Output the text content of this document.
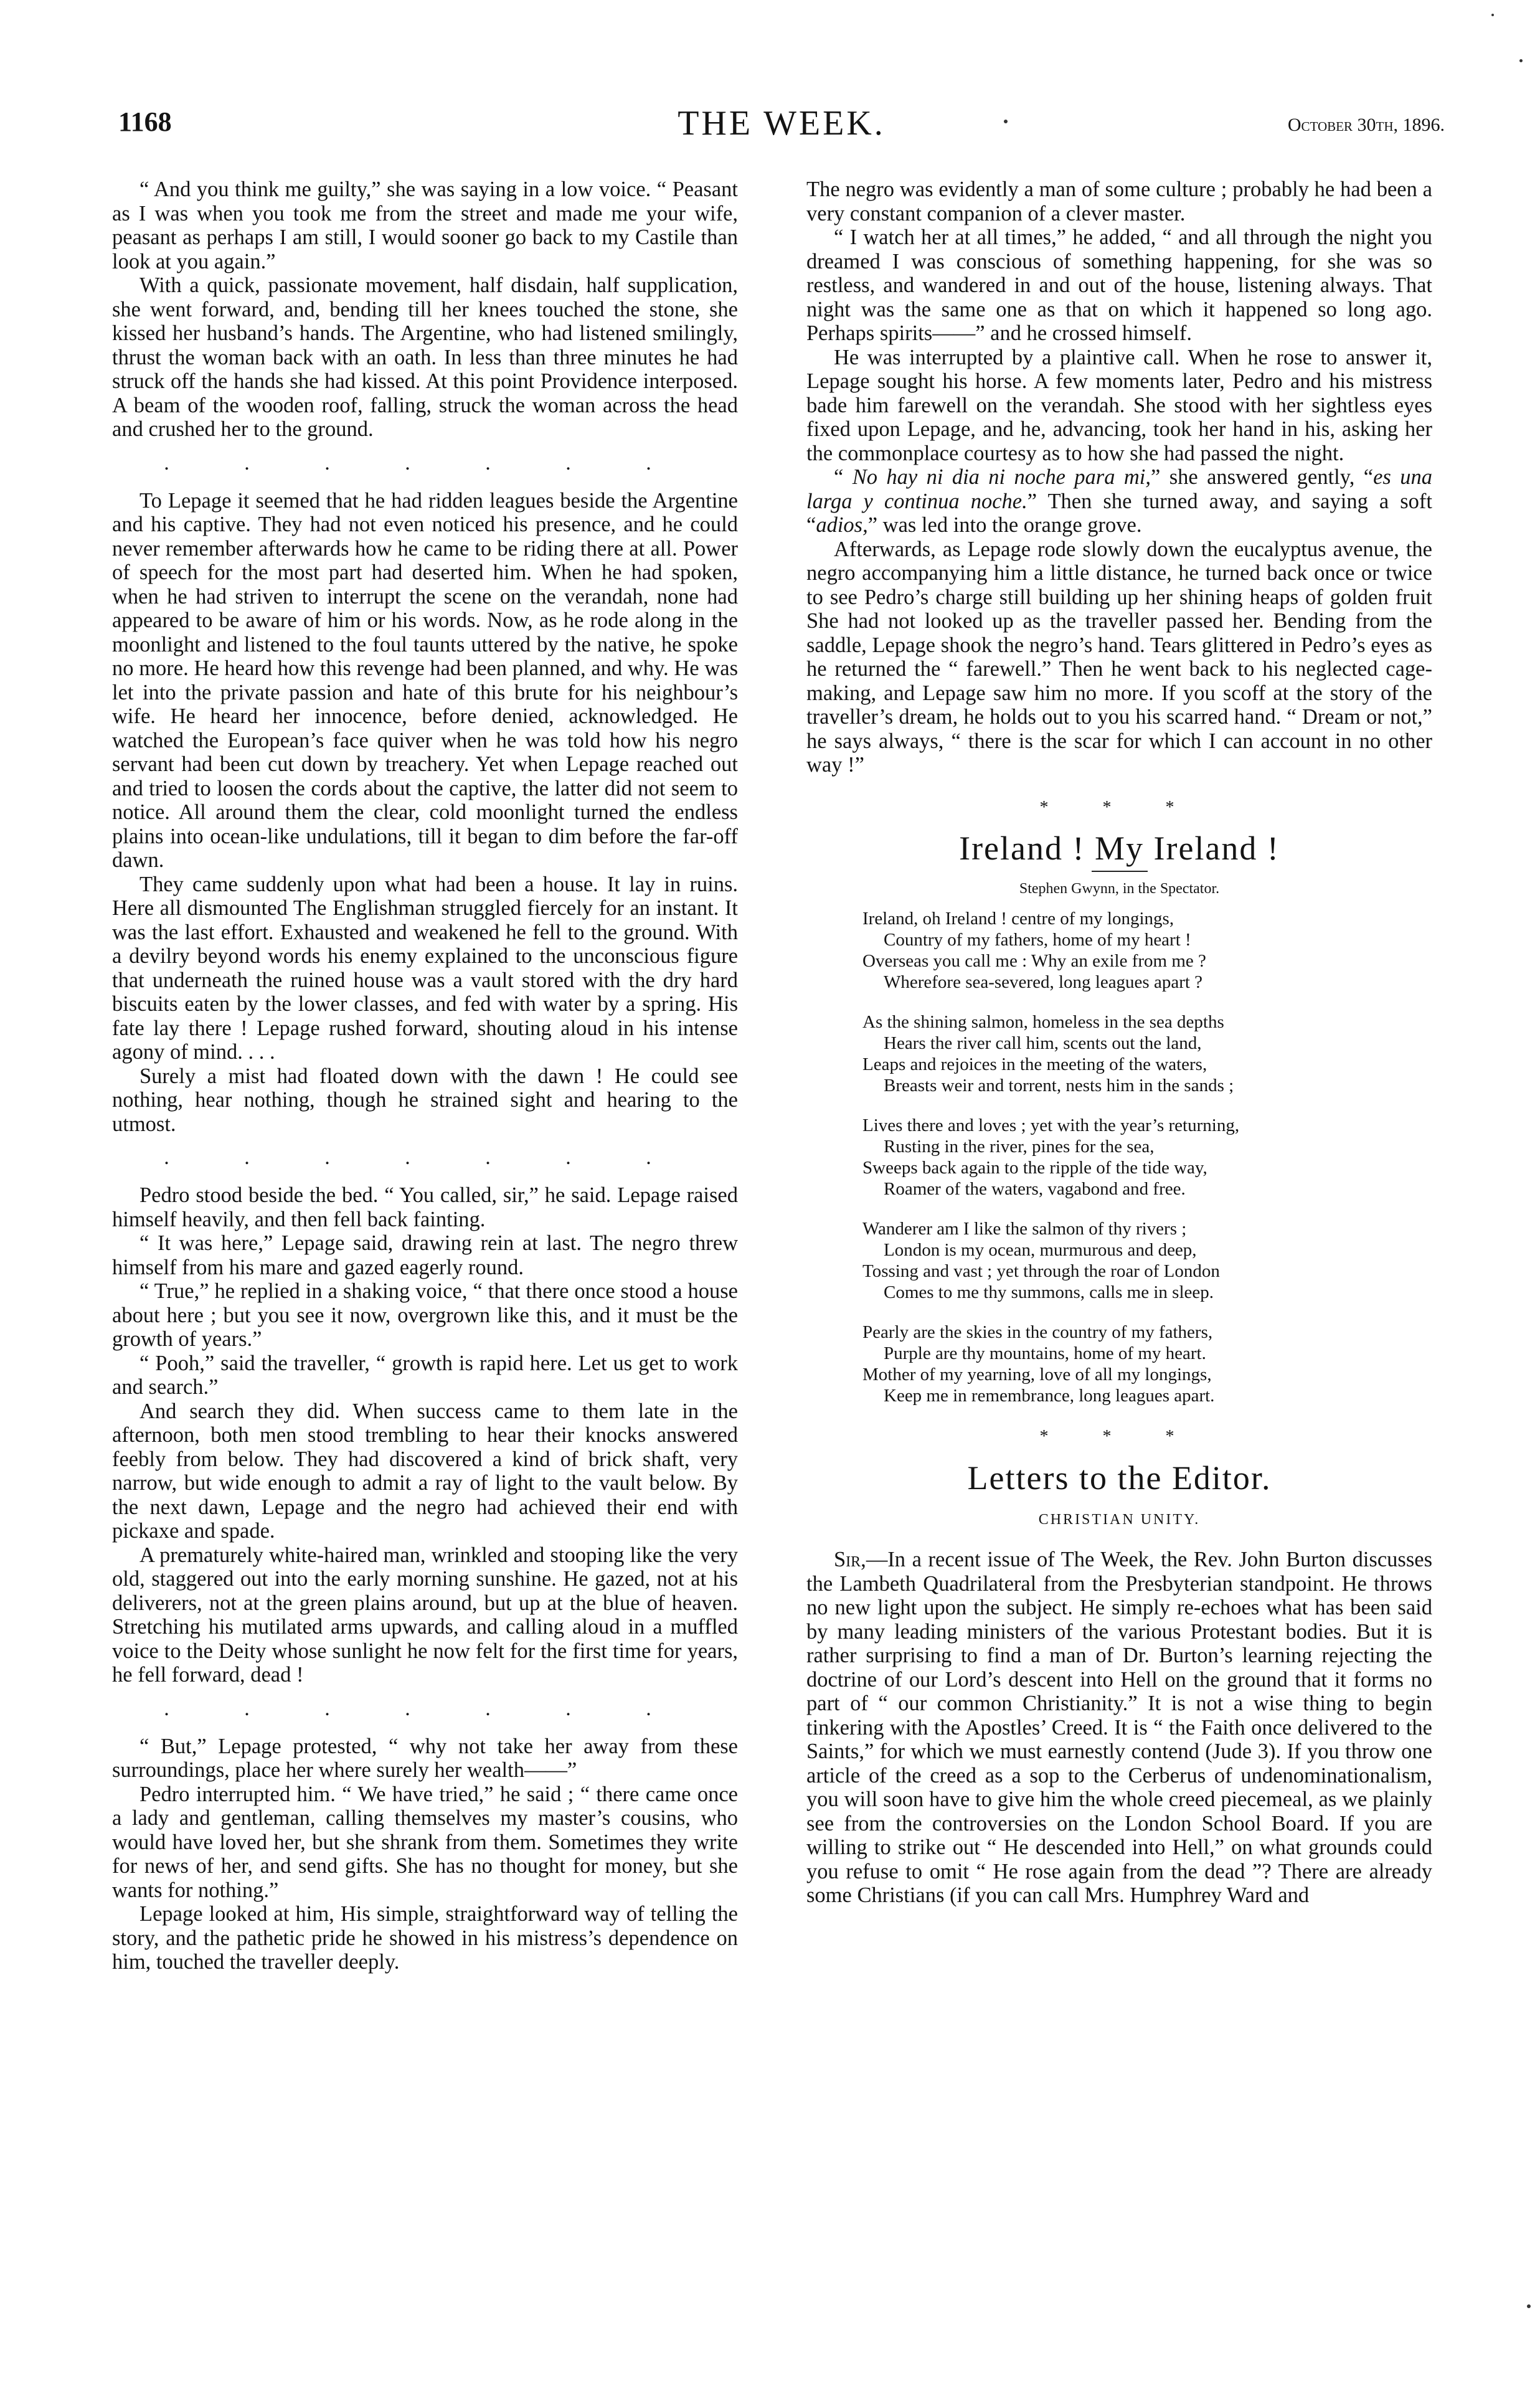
1168	THE WEEK.	October 30th, 1896.

“ And you think me guilty,” she was saying in a low voice. “ Peasant as I was when you took me from the street and made me your wife, peasant as perhaps I am still, I would sooner go back to my Castile than look at you again.”

With a quick, passionate movement, half disdain, half supplication, she went forward, and, bending till her knees touched the stone, she kissed her husband’s hands. The Argentine, who had listened smilingly, thrust the woman back with an oath. In less than three minutes he had struck off the hands she had kissed. At this point Providence interposed. A beam of the wooden roof, falling, struck the woman across the head and crushed her to the ground.

. . . . . . .

To Lepage it seemed that he had ridden leagues beside the Argentine and his captive. They had not even noticed his presence, and he could never remember afterwards how he came to be riding there at all. Power of speech for the most part had deserted him. When he had spoken, when he had striven to interrupt the scene on the verandah, none had appeared to be aware of him or his words. Now, as he rode along in the moonlight and listened to the foul taunts uttered by the native, he spoke no more. He heard how this revenge had been planned, and why. He was let into the private passion and hate of this brute for his neighbour’s wife. He heard her innocence, before denied, acknowledged. He watched the European’s face quiver when he was told how his negro servant had been cut down by treachery. Yet when Lepage reached out and tried to loosen the cords about the captive, the latter did not seem to notice. All around them the clear, cold moonlight turned the endless plains into ocean-like undulations, till it began to dim before the far-off dawn.

They came suddenly upon what had been a house. It lay in ruins. Here all dismounted The Englishman struggled fiercely for an instant. It was the last effort. Exhausted and weakened he fell to the ground. With a devilry beyond words his enemy explained to the unconscious figure that underneath the ruined house was a vault stored with the dry hard biscuits eaten by the lower classes, and fed with water by a spring. His fate lay there ! Lepage rushed forward, shouting aloud in his intense agony of mind. . . .

Surely a mist had floated down with the dawn ! He could see nothing, hear nothing, though he strained sight and hearing to the utmost.

. . . . . . .

Pedro stood beside the bed. “ You called, sir,” he said. Lepage raised himself heavily, and then fell back fainting.

“ It was here,” Lepage said, drawing rein at last. The negro threw himself from his mare and gazed eagerly round.

“ True,” he replied in a shaking voice, “ that there once stood a house about here ; but you see it now, overgrown like this, and it must be the growth of years.”

“ Pooh,” said the traveller, “ growth is rapid here. Let us get to work and search.”

And search they did. When success came to them late in the afternoon, both men stood trembling to hear their knocks answered feebly from below. They had discovered a kind of brick shaft, very narrow, but wide enough to admit a ray of light to the vault below. By the next dawn, Lepage and the negro had achieved their end with pickaxe and spade.

A prematurely white-haired man, wrinkled and stooping like the very old, staggered out into the early morning sunshine. He gazed, not at his deliverers, not at the green plains around, but up at the blue of heaven. Stretching his mutilated arms upwards, and calling aloud in a muffled voice to the Deity whose sunlight he now felt for the first time for years, he fell forward, dead !

. . . . . . .

“ But,” Lepage protested, “ why not take her away from these surroundings, place her where surely her wealth——”

Pedro interrupted him. “ We have tried,” he said ; “ there came once a lady and gentleman, calling themselves my master’s cousins, who would have loved her, but she shrank from them. Sometimes they write for news of her, and send gifts. She has no thought for money, but she wants for nothing.”

Lepage looked at him, His simple, straightforward way of telling the story, and the pathetic pride he showed in his mistress’s dependence on him, touched the traveller deeply.

The negro was evidently a man of some culture ; probably he had been a very constant companion of a clever master.

“ I watch her at all times,” he added, “ and all through the night you dreamed I was conscious of something happening, for she was so restless, and wandered in and out of the house, listening always. That night was the same one as that on which it happened so long ago. Perhaps spirits——” and he crossed himself.

He was interrupted by a plaintive call. When he rose to answer it, Lepage sought his horse. A few moments later, Pedro and his mistress bade him farewell on the verandah. She stood with her sightless eyes fixed upon Lepage, and he, advancing, took her hand in his, asking her the commonplace courtesy as to how she had passed the night.

“ No hay ni dia ni noche para mi,” she answered gently, “es una larga y continua noche.” Then she turned away, and saying a soft “adios,” was led into the orange grove.

Afterwards, as Lepage rode slowly down the eucalyptus avenue, the negro accompanying him a little distance, he turned back once or twice to see Pedro’s charge still building up her shining heaps of golden fruit She had not looked up as the traveller passed her. Bending from the saddle, Lepage shook the negro’s hand. Tears glittered in Pedro’s eyes as he returned the “ farewell.” Then he went back to his neglected cage-making, and Lepage saw him no more. If you scoff at the story of the traveller’s dream, he holds out to you his scarred hand. “ Dream or not,” he says always, “ there is the scar for which I can account in no other way !”

* * *
Ireland ! My Ireland !
Stephen Gwynn, in the Spectator.
Ireland, oh Ireland ! centre of my longings,
Country of my fathers, home of my heart !
Overseas you call me : Why an exile from me ?
Wherefore sea-severed, long leagues apart ?
As the shining salmon, homeless in the sea depths
Hears the river call him, scents out the land,
Leaps and rejoices in the meeting of the waters,
Breasts weir and torrent, nests him in the sands ;
Lives there and loves ; yet with the year’s returning,
Rusting in the river, pines for the sea,
Sweeps back again to the ripple of the tide way,
Roamer of the waters, vagabond and free.
Wanderer am I like the salmon of thy rivers ;
London is my ocean, murmurous and deep,
Tossing and vast ; yet through the roar of London
Comes to me thy summons, calls me in sleep.
Pearly are the skies in the country of my fathers,
Purple are thy mountains, home of my heart.
Mother of my yearning, love of all my longings,
Keep me in remembrance, long leagues apart.
* * *
Letters to the Editor.
CHRISTIAN UNITY.

Sir,—In a recent issue of The Week, the Rev. John Burton discusses the Lambeth Quadrilateral from the Presbyterian standpoint. He throws no new light upon the subject. He simply re-echoes what has been said by many leading ministers of the various Protestant bodies. But it is rather surprising to find a man of Dr. Burton’s learning rejecting the doctrine of our Lord’s descent into Hell on the ground that it forms no part of “ our common Christianity.” It is not a wise thing to begin tinkering with the Apostles’ Creed. It is “ the Faith once delivered to the Saints,” for which we must earnestly contend (Jude 3). If you throw one article of the creed as a sop to the Cerberus of undenominationalism, you will soon have to give him the whole creed piecemeal, as we plainly see from the controversies on the London School Board. If you are willing to strike out “ He descended into Hell,” on what grounds could you refuse to omit “ He rose again from the dead ”? There are already some Christians (if you can call Mrs. Humphrey Ward and
